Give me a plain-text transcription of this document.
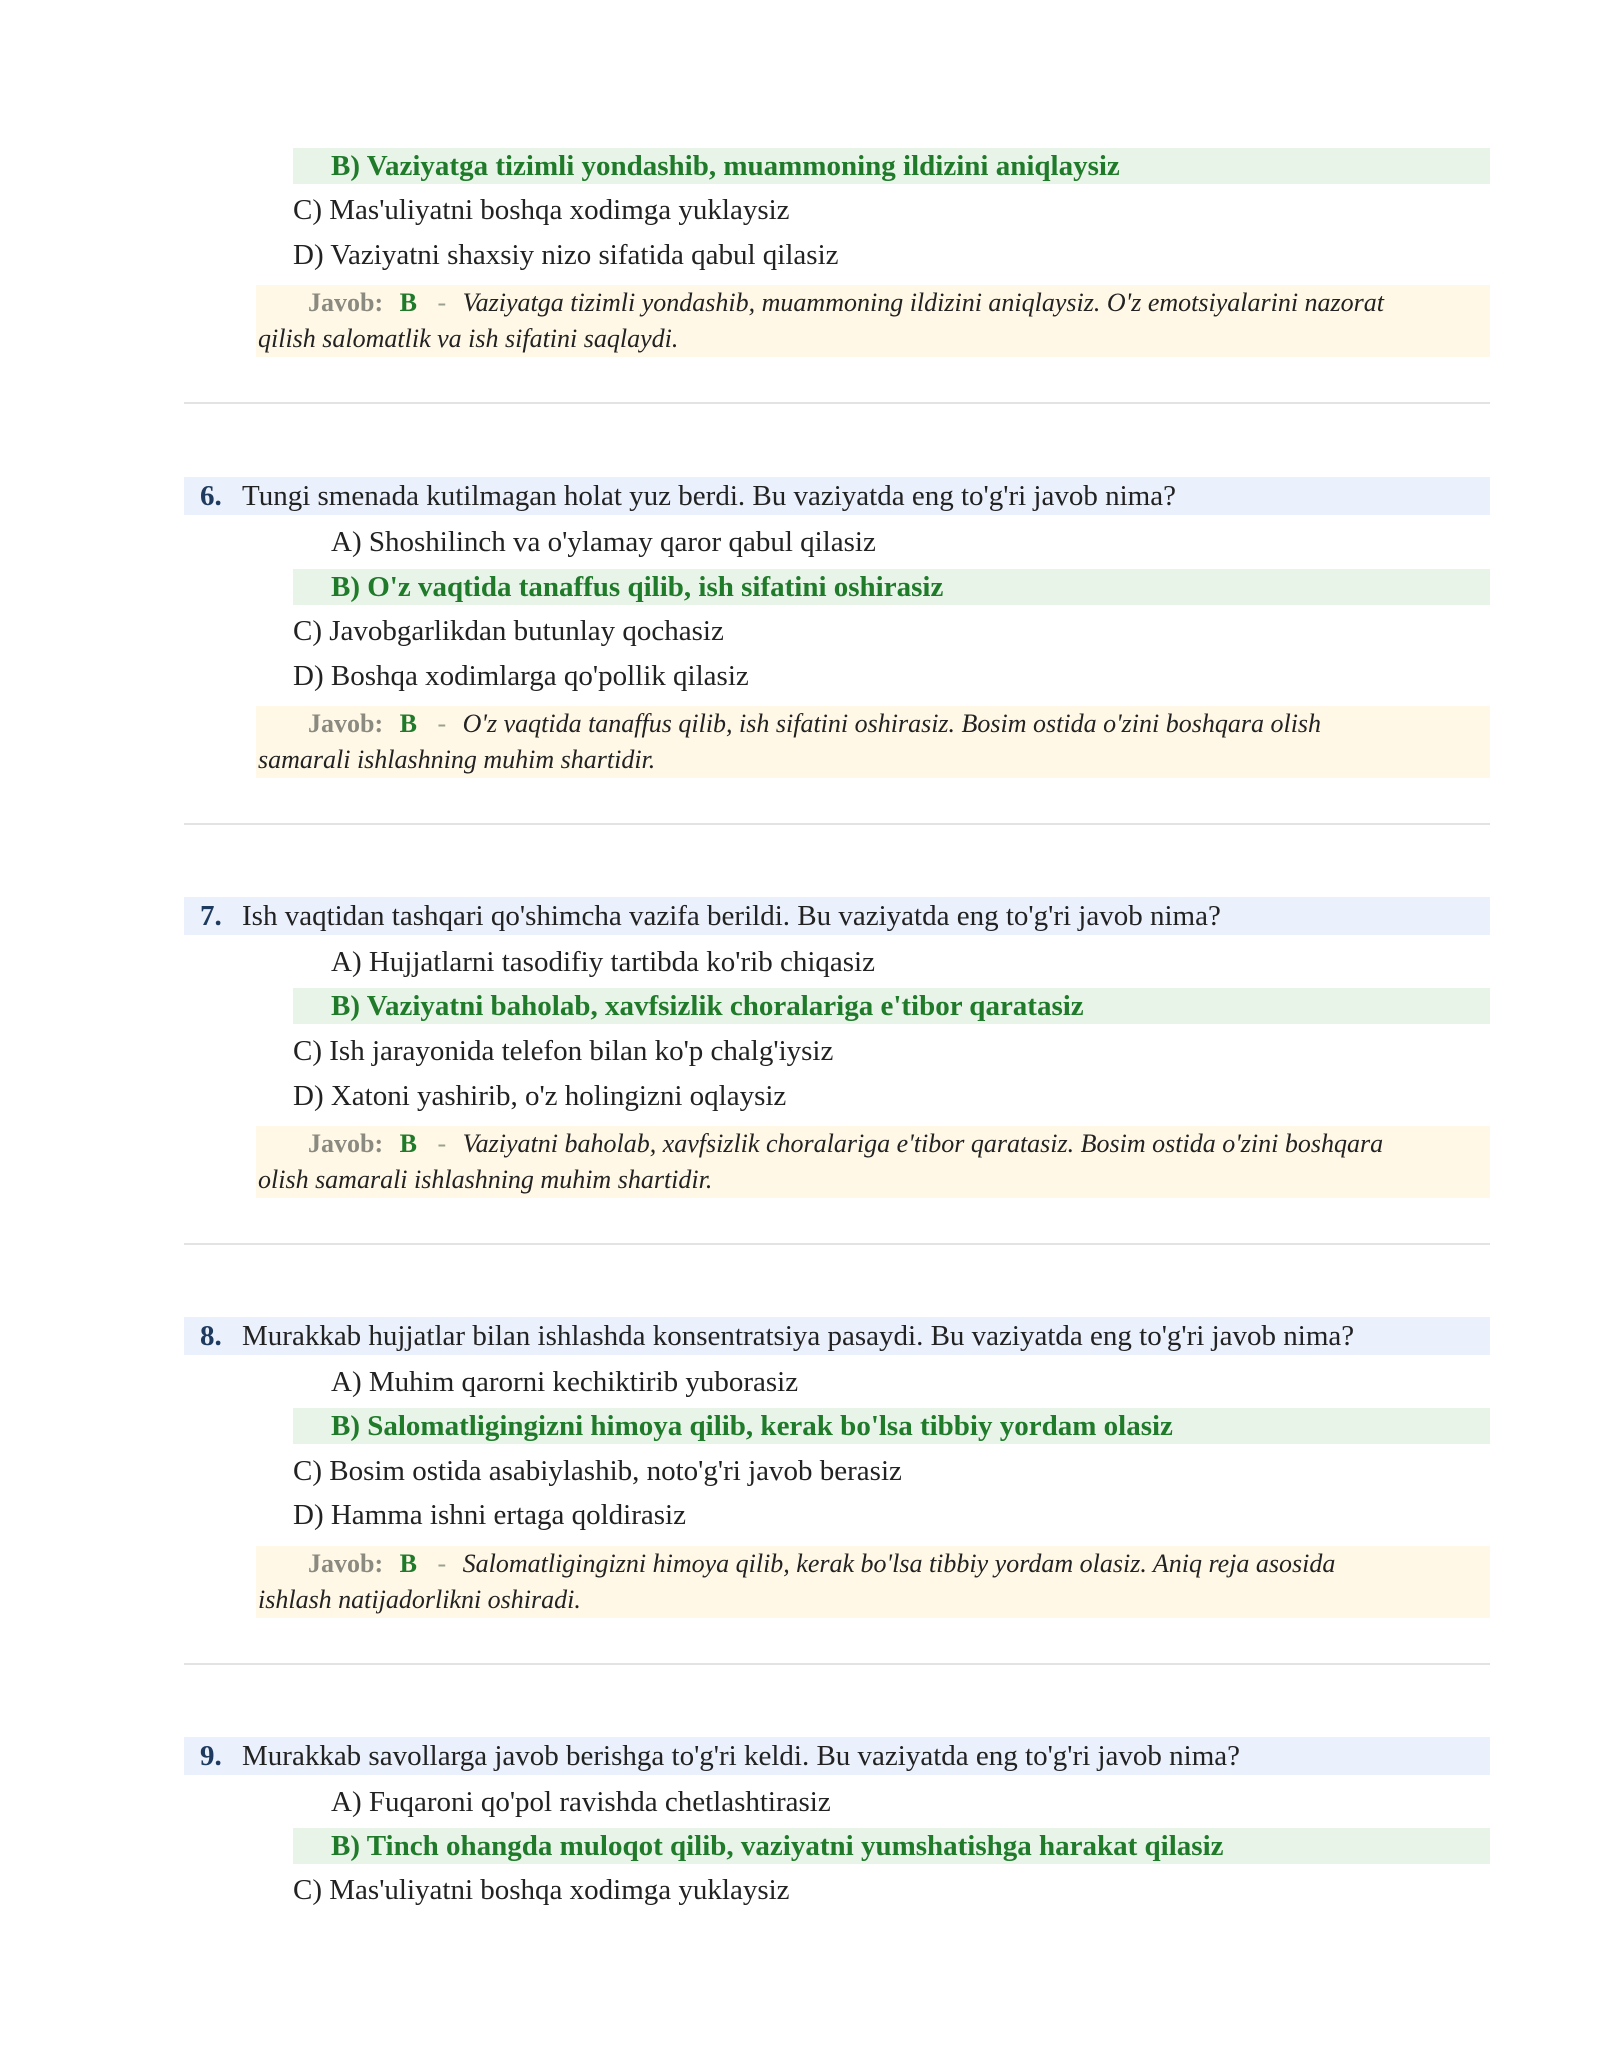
B) Vaziyatga tizimli yondashib, muammoning ildizini aniqlaysiz
C) Mas'uliyatni boshqa xodimga yuklaysiz
D) Vaziyatni shaxsiy nizo sifatida qabul qilasiz
Javob: B - Vaziyatga tizimli yondashib, muammoning ildizini aniqlaysiz. O'z emotsiyalarini nazorat
qilish salomatlik va ish sifatini saqlaydi.
6. Tungi smenada kutilmagan holat yuz berdi. Bu vaziyatda eng to'g'ri javob nima?
A) Shoshilinch va o'ylamay qaror qabul qilasiz
B) O'z vaqtida tanaffus qilib, ish sifatini oshirasiz
C) Javobgarlikdan butunlay qochasiz
D) Boshqa xodimlarga qo'pollik qilasiz
Javob: B - O'z vaqtida tanaffus qilib, ish sifatini oshirasiz. Bosim ostida o'zini boshqara olish
samarali ishlashning muhim shartidir.
7. Ish vaqtidan tashqari qo'shimcha vazifa berildi. Bu vaziyatda eng to'g'ri javob nima?
A) Hujjatlarni tasodifiy tartibda ko'rib chiqasiz
B) Vaziyatni baholab, xavfsizlik choralariga e'tibor qaratasiz
C) Ish jarayonida telefon bilan ko'p chalg'iysiz
D) Xatoni yashirib, o'z holingizni oqlaysiz
Javob: B - Vaziyatni baholab, xavfsizlik choralariga e'tibor qaratasiz. Bosim ostida o'zini boshqara
olish samarali ishlashning muhim shartidir.
8. Murakkab hujjatlar bilan ishlashda konsentratsiya pasaydi. Bu vaziyatda eng to'g'ri javob nima?
A) Muhim qarorni kechiktirib yuborasiz
B) Salomatligingizni himoya qilib, kerak bo'lsa tibbiy yordam olasiz
C) Bosim ostida asabiylashib, noto'g'ri javob berasiz
D) Hamma ishni ertaga qoldirasiz
Javob: B - Salomatligingizni himoya qilib, kerak bo'lsa tibbiy yordam olasiz. Aniq reja asosida
ishlash natijadorlikni oshiradi.
9. Murakkab savollarga javob berishga to'g'ri keldi. Bu vaziyatda eng to'g'ri javob nima?
A) Fuqaroni qo'pol ravishda chetlashtirasiz
B) Tinch ohangda muloqot qilib, vaziyatni yumshatishga harakat qilasiz
C) Mas'uliyatni boshqa xodimga yuklaysiz
